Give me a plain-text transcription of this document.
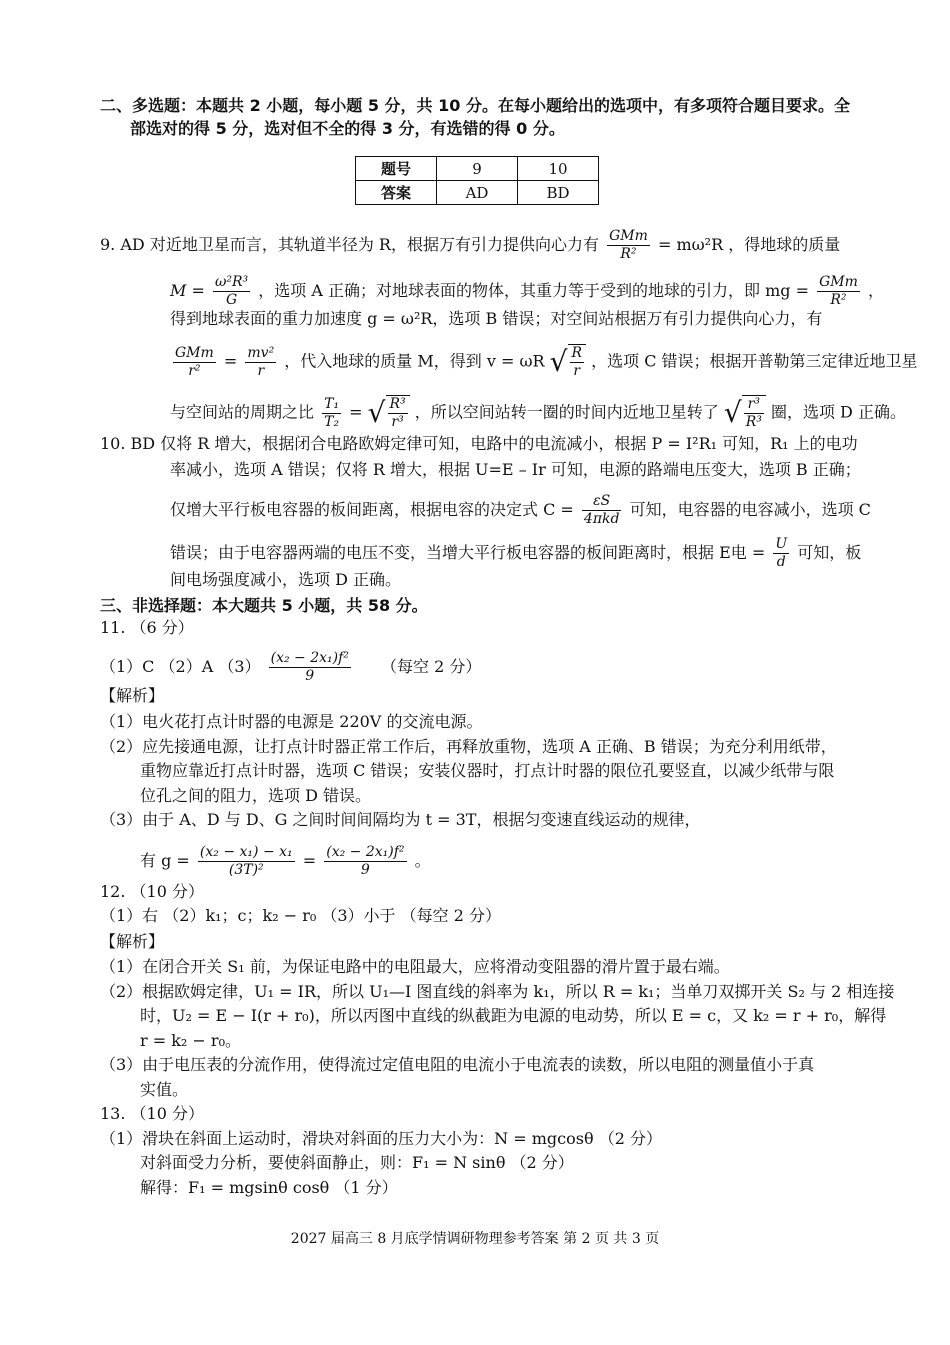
二、多选题：本题共 2 小题，每小题 5 分，共 10 分。在每小题给出的选项中，有多项符合题目要求。全
部选对的得 5 分，选对但不全的得 3 分，有选错的得 0 分。
题号	9	10
答案	AD	BD
9. AD 对近地卫星而言，其轨道半径为 R，根据万有引力提供向心力有 $\frac{\text{GMm}}{\text{R²}} = m\omega^2R$ ，得地球的质量
$M = \frac{\text{ω²R³}}{G}$ ，选项 A 正确；对地球表面的物体，其重力等于受到的地球的引力，即 mg = $\frac{\text{GMm}}{\text{R²}}$ ，
得到地球表面的重力加速度 g = ω²R，选项 B 错误；对空间站根据万有引力提供向心力，有
$\frac{\text{GMm}}{\text{r²}} = \frac{\text{mv²}}{r}$ ，代入地球的质量 M，得到 v = ωR √ $\frac{R}{r}$ ，选项 C 错误；根据开普勒第三定律近地卫星
与空间站的周期之比 $\frac{\text{T₁}}{\text{T₂}}$ = √ $\frac{\text{R³}}{\text{r³}}$ ，所以空间站转一圈的时间内近地卫星转了 √ $\frac{\text{r³}}{\text{R³}}$ 圈，选项 D 正确。
10. BD 仅将 R 增大，根据闭合电路欧姆定律可知，电路中的电流减小，根据 P = I²R₁ 可知，R₁ 上的电功
率减小，选项 A 错误；仅将 R 增大，根据 U=E – Ir 可知，电源的路端电压变大，选项 B 正确；
仅增大平行板电容器的板间距离，根据电容的决定式 $C = \frac{\varepsilon S}{\text{4πkd}}$ 可知，电容器的电容减小，选项 C
错误；由于电容器两端的电压不变，当增大平行板电容器的板间距离时，根据 E电 = $\frac{U}{d}$ 可知，板
间电场强度减小，选项 D 正确。
三、非选择题：本大题共 5 小题，共 58 分。
11. （6 分）
（1）C （2）A $(3) \frac{\text{(x₂ − 2x₁)f²}}{9}$ （每空 2 分）
【解析】
（1）电火花打点计时器的电源是 220V 的交流电源。
（2）应先接通电源，让打点计时器正常工作后，再释放重物，选项 A 正确、B 错误；为充分利用纸带，
重物应靠近打点计时器，选项 C 错误；安装仪器时，打点计时器的限位孔要竖直，以减少纸带与限
位孔之间的阻力，选项 D 错误。
（3）由于 A、D 与 D、G 之间时间间隔均为 t = 3T，根据匀变速直线运动的规律，
有 $g = \frac{\text{(x₂ − x₁) − x₁}}{\text{(3T)²}} = \frac{\text{(x₂ − 2x₁)f²}}{9}$ 。
12. （10 分）
（1）右 （2）k₁；c；k₂ − r₀ （3）小于 （每空 2 分）
【解析】
（1）在闭合开关 S₁ 前，为保证电路中的电阻最大，应将滑动变阻器的滑片置于最右端。
（2）根据欧姆定律，U₁ = IR，所以 U₁—I 图直线的斜率为 k₁，所以 R = k₁；当单刀双掷开关 S₂ 与 2 相连接
时，U₂ = E − I(r + r₀)，所以丙图中直线的纵截距为电源的电动势，所以 E = c，又 k₂ = r + r₀，解得
r = k₂ − r₀。
（3）由于电压表的分流作用，使得流过定值电阻的电流小于电流表的读数，所以电阻的测量值小于真
实值。
13. （10 分）
（1）滑块在斜面上运动时，滑块对斜面的压力大小为：N = mgcosθ （2 分）
对斜面受力分析，要使斜面静止，则：F₁ = N sinθ （2 分）
解得：F₁ = mgsinθ cosθ （1 分）
2027 届高三 8 月底学情调研物理参考答案 第 2 页 共 3 页
